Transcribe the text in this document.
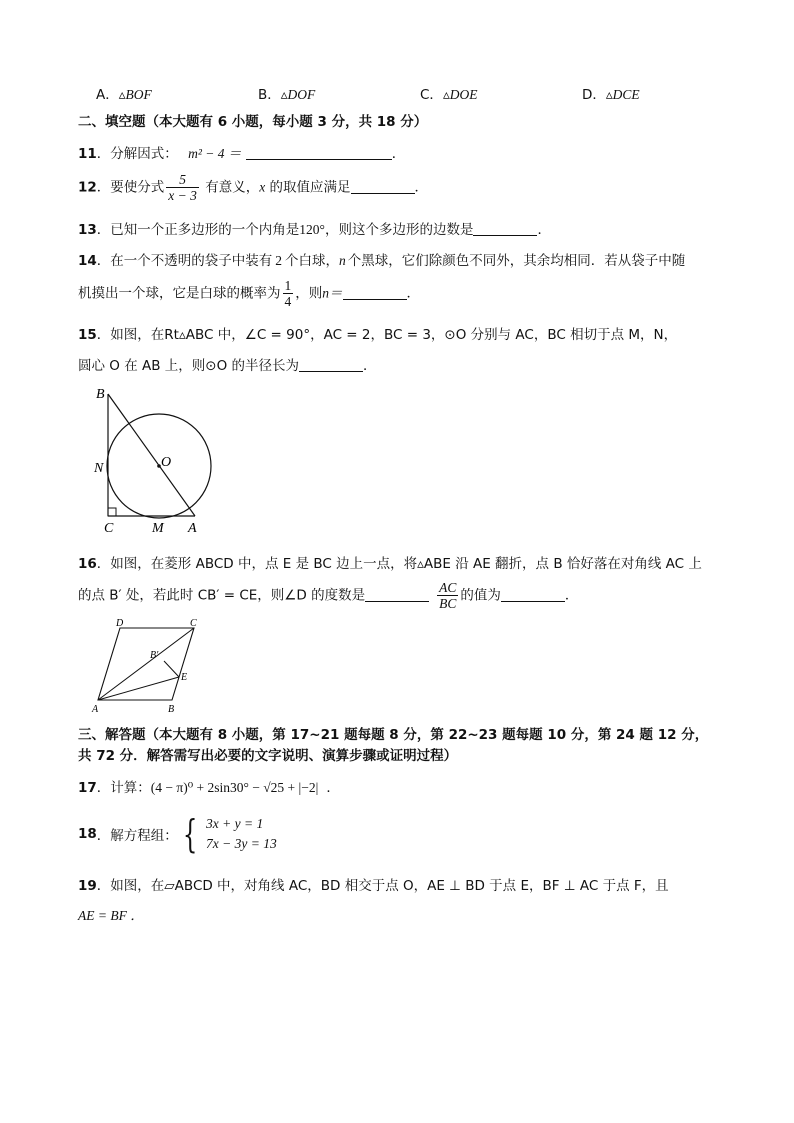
A．▵BOF	B．▵DOF	C．▵DOE	D．▵DCE
二、填空题（本大题有 6 小题，每小题 3 分，共 18 分）
11．分解因式： m² − 4 ＝	．
12．要使分式 $\frac{5}{x - 3}$ 有意义，x 的取值应满足	．
13．已知一个正多边形的一个内角是120°，则这个多边形的边数是	．
14．在一个不透明的袋子中装有 2 个白球，n 个黑球，它们除颜色不同外，其余均相同．若从袋子中随
机摸出一个球，它是白球的概率为 $\frac{1}{4}$ ，则n＝	．
15．如图，在Rt▵ABC 中，∠C = 90°，AC = 2，BC = 3，⊙O 分别与 AC，BC 相切于点 M，N，
圆心 O 在 AB 上，则⊙O 的半径长为	．
B
N	O
C	M A
16．如图，在菱形 ABCD 中，点 E 是 BC 边上一点，将▵ABE 沿 AE 翻折，点 B 恰好落在对角线 AC 上
的点 B′ 处，若此时 CB′ = CE，则∠D 的度数是	$\frac{AC}{BC}$ 的值为	．
D	C
B′
E
A	B
三、解答题（本大题有 8 小题，第 17~21 题每题 8 分，第 22~23 题每题 10 分，第 24 题 12 分，
共 72 分．解答需写出必要的文字说明、演算步骤或证明过程）
17．计算：(4 − π)⁰ + 2sin30° − √25 + |−2| ．
18．解方程组： { 3x + y = 1
7x − 3y = 13
19．如图，在▱ABCD 中，对角线 AC，BD 相交于点 O，AE ⊥ BD 于点 E，BF ⊥ AC 于点 F，且
AE = BF ．
